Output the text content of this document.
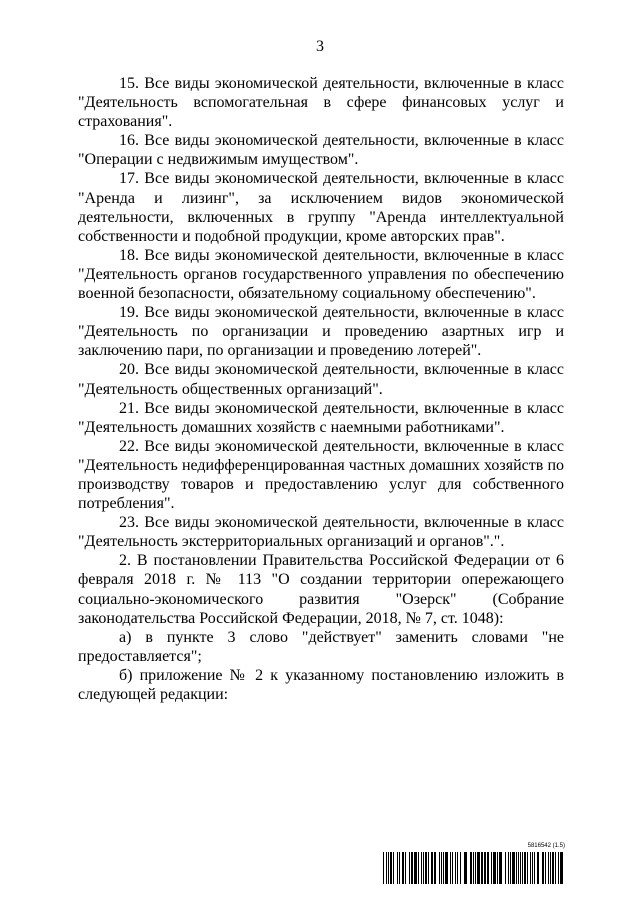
3

15. Все виды экономической деятельности, включенные в класс "Деятельность вспомогательная в сфере финансовых услуг и страхования".

16. Все виды экономической деятельности, включенные в класс "Операции с недвижимым имуществом".

17. Все виды экономической деятельности, включенные в класс "Аренда и лизинг", за исключением видов экономической деятельности, включенных в группу "Аренда интеллектуальной собственности и подобной продукции, кроме авторских прав".

18. Все виды экономической деятельности, включенные в класс "Деятельность органов государственного управления по обеспечению военной безопасности, обязательному социальному обеспечению".

19. Все виды экономической деятельности, включенные в класс "Деятельность по организации и проведению азартных игр и заключению пари, по организации и проведению лотерей".

20. Все виды экономической деятельности, включенные в класс "Деятельность общественных организаций".

21. Все виды экономической деятельности, включенные в класс "Деятельность домашних хозяйств с наемными работниками".

22. Все виды экономической деятельности, включенные в класс "Деятельность недифференцированная частных домашних хозяйств по производству товаров и предоставлению услуг для собственного потребления".

23. Все виды экономической деятельности, включенные в класс "Деятельность экстерриториальных организаций и органов".".

2. В постановлении Правительства Российской Федерации от 6 февраля 2018 г. № 113 "О создании территории опережающего социально-экономического развития "Озерск" (Собрание законодательства Российской Федерации, 2018, № 7, ст. 1048):

а) в пункте 3 слово "действует" заменить словами "не предоставляется";

б) приложение № 2 к указанному постановлению изложить в следующей редакции:

5816542 (1.5)
